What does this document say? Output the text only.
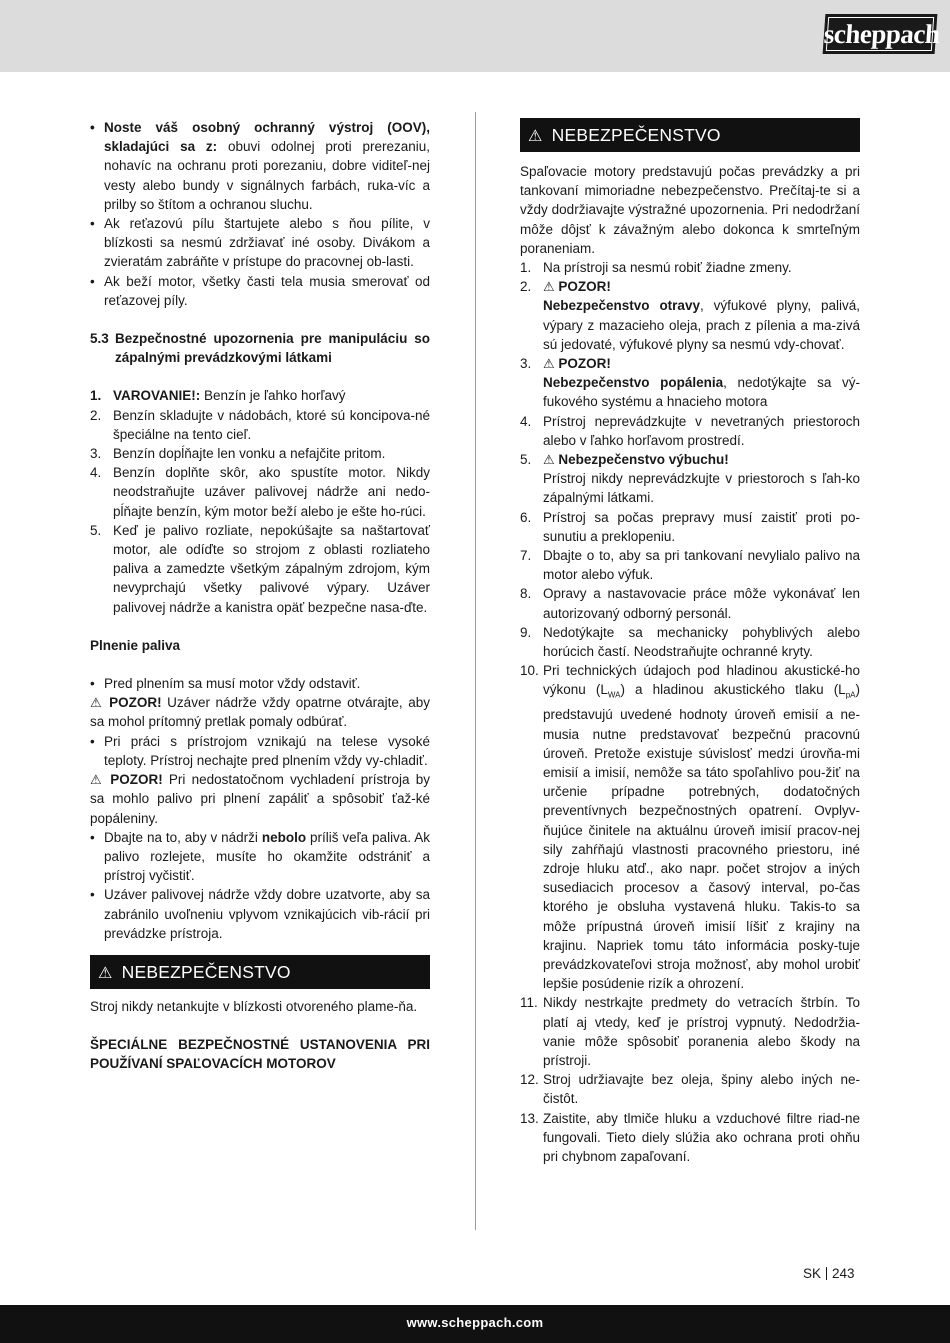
scheppach
• Noste váš osobný ochranný výstroj (OOV), skladajúci sa z: obuvi odolnej proti prerezaniu, nohavíc na ochranu proti porezaniu, dobre viditeľ-nej vesty alebo bundy v signálnych farbách, ruka-víc a prilby so štítom a ochranou sluchu.
• Ak reťazovú pílu štartujete alebo s ňou pílite, v blízkosti sa nesmú zdržiavať iné osoby. Divákom a zvieratám zabráňte v prístupe do pracovnej ob-lasti.
• Ak beží motor, všetky časti tela musia smerovať od reťazovej píly.
5.3 Bezpečnostné upozornenia pre manipuláciu so zápalnými prevádzkovými látkami
1. VAROVANIE!: Benzín je ľahko horľavý
2. Benzín skladujte v nádobách, ktoré sú koncipova-né špeciálne na tento cieľ.
3. Benzín dopĺňajte len vonku a nefajčite pritom.
4. Benzín doplňte skôr, ako spustíte motor. Nikdy neodstraňujte uzáver palivovej nádrže ani nedo-pĺňajte benzín, kým motor beží alebo je ešte ho-rúci.
5. Keď je palivo rozliate, nepokúšajte sa naštartovať motor, ale odíďte so strojom z oblasti rozliateho paliva a zamedzte všetkým zápalným zdrojom, kým nevyprchajú všetky palivové výpary. Uzáver palivovej nádrže a kanistra opäť bezpečne nasa-ďte.

Plnenie paliva

• Pred plnením sa musí motor vždy odstaviť.

⚠ POZOR! Uzáver nádrže vždy opatrne otvárajte, aby sa mohol prítomný pretlak pomaly odbúrať.

• Pri práci s prístrojom vznikajú na telese vysoké teploty. Prístroj nechajte pred plnením vždy vy-chladiť.

⚠ POZOR! Pri nedostatočnom vychladení prístroja by sa mohlo palivo pri plnení zapáliť a spôsobiť ťaž-ké popáleniny.

• Dbajte na to, aby v nádrži nebolo príliš veľa paliva. Ak palivo rozlejete, musíte ho okamžite odstrániť a prístroj vyčistiť.
• Uzáver palivovej nádrže vždy dobre uzatvorte, aby sa zabránilo uvoľneniu vplyvom vznikajúcich vib-rácií pri prevádzke prístroja.
⚠ NEBEZPEČENSTVO

Stroj nikdy netankujte v blízkosti otvoreného plame-ňa.

ŠPECIÁLNE BEZPEČNOSTNÉ USTANOVENIA PRI POUŽÍVANÍ SPAĽOVACÍCH MOTOROV

⚠ NEBEZPEČENSTVO

Spaľovacie motory predstavujú počas prevádzky a pri tankovaní mimoriadne nebezpečenstvo. Prečítaj-te si a vždy dodržiavajte výstražné upozornenia. Pri nedodržaní môže dôjsť k závažným alebo dokonca k smrteľným poraneniam.

1. Na prístroji sa nesmú robiť žiadne zmeny.
2. ⚠ POZOR!
Nebezpečenstvo otravy, výfukové plyny, palivá, výpary z mazacieho oleja, prach z pílenia a ma-zivá sú jedovaté, výfukové plyny sa nesmú vdy-chovať.
3. ⚠ POZOR!
Nebezpečenstvo popálenia, nedotýkajte sa vý-fukového systému a hnacieho motora
4. Prístroj neprevádzkujte v nevetraných priestoroch alebo v ľahko horľavom prostredí.
5. ⚠ Nebezpečenstvo výbuchu!
Prístroj nikdy neprevádzkujte v priestoroch s ľah-ko zápalnými látkami.
6. Prístroj sa počas prepravy musí zaistiť proti po-sunutiu a preklopeniu.
7. Dbajte o to, aby sa pri tankovaní nevylialo palivo na motor alebo výfuk.
8. Opravy a nastavovacie práce môže vykonávať len autorizovaný odborný personál.
9. Nedotýkajte sa mechanicky pohyblivých alebo horúcich častí. Neodstraňujte ochranné kryty.
10. Pri technických údajoch pod hladinou akustické-ho výkonu $(L_{WA})$ a hladinou akustického tlaku $(L_{pA})$ predstavujú uvedené hodnoty úroveň emisií a ne-musia nutne predstavovať bezpečnú pracovnú úroveň. Pretože existuje súvislosť medzi úrovňa-mi emisií a imisií, nemôže sa táto spoľahlivo pou-žiť na určenie prípadne potrebných, dodatočných preventívnych bezpečnostných opatrení. Ovplyv-ňujúce činitele na aktuálnu úroveň imisií pracov-nej sily zahŕňajú vlastnosti pracovného priestoru, iné zdroje hluku atď., ako napr. počet strojov a iných susediacich procesov a časový interval, po-čas ktorého je obsluha vystavená hluku. Takis-to sa môže prípustná úroveň imisií líšiť z krajiny na krajinu. Napriek tomu táto informácia posky-tuje prevádzkovateľovi stroja možnosť, aby mohol urobiť lepšie posúdenie rizík a ohrození.
11. Nikdy nestrkajte predmety do vetracích štrbín. To platí aj vtedy, keď je prístroj vypnutý. Nedodržia-vanie môže spôsobiť poranenia alebo škody na prístroji.
12. Stroj udržiavajte bez oleja, špiny alebo iných ne-čistôt.
13. Zaistite, aby tlmiče hluku a vzduchové filtre riad-ne fungovali. Tieto diely slúžia ako ochrana proti ohňu pri chybnom zapaľovaní.
SK 243
www.scheppach.com
